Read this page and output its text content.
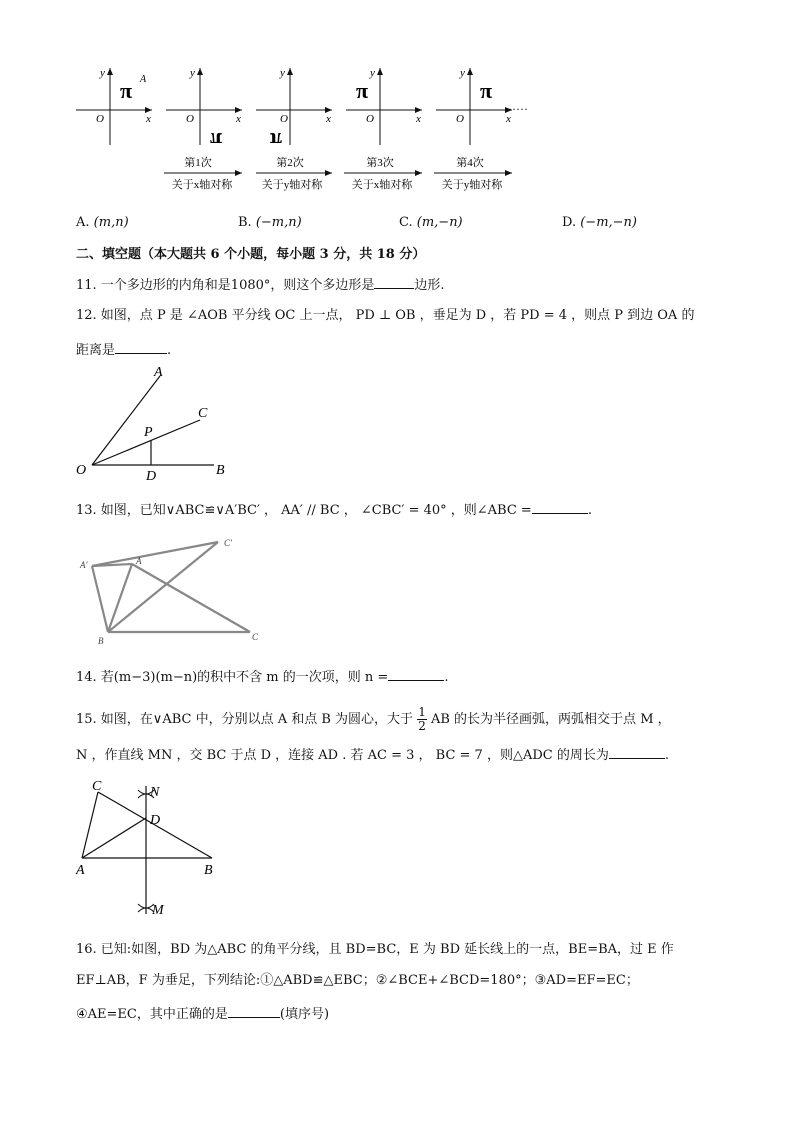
y
x
O
π A
y
x
O
π
y
x
O
π
y
x
O
π
y
x
O
π
……
第1次
关于x轴对称
第2次
关于y轴对称
第3次
关于x轴对称
第4次
关于y轴对称
A. (m,n)	B. (−m,n)	C. (m,−n)	D. (−m,−n)
二、填空题（本大题共 6 个小题，每小题 3 分，共 18 分）
11. 一个多边形的内角和是1080°，则这个多边形是	边形.
12. 如图，点 P 是 ∠AOB 平分线 OC 上一点， PD ⊥ OB ，垂足为 D ，若 PD = 4 ，则点 P 到边 OA 的
距离是	.
A
C
P
O	D	B
13. 如图，已知∨ABC≌∨A′BC′ ， AA′ // BC ， ∠CBC′ = 40° ，则∠ABC =	.
A′	A
C′
B	C
14. 若(m−3)(m−n)的积中不含 m 的一次项，则 n =	.
15. 如图，在∨ABC 中，分别以点 A 和点 B 为圆心，大于 $\frac{1}{2}$ AB 的长为半径画弧，两弧相交于点 M ，
N ，作直线 MN ，交 BC 于点 D ，连接 AD . 若 AC = 3 ， BC = 7 ，则△ADC 的周长为	.
C	N
D
A	B
M
16. 已知:如图，BD 为△ABC 的角平分线，且 BD=BC，E 为 BD 延长线上的一点，BE=BA，过 E 作
EF⊥AB，F 为垂足，下列结论:①△ABD≌△EBC；②∠BCE+∠BCD=180°；③AD=EF=EC；
④AE=EC，其中正确的是	(填序号)
